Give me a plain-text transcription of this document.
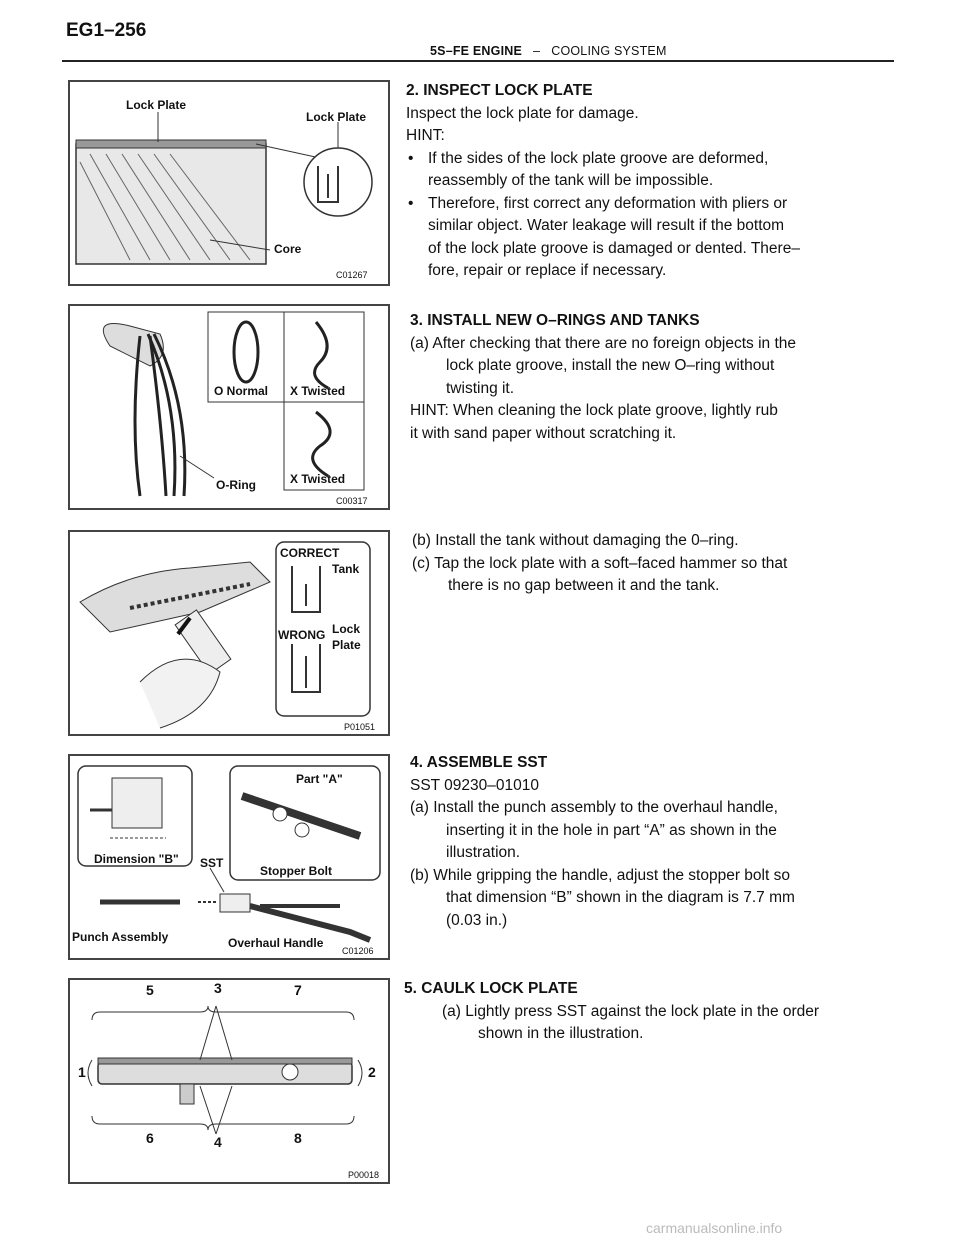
EG1–256
5S–FE ENGINE – COOLING SYSTEM
Lock Plate
Lock Plate
Core
C01267

2. INSPECT LOCK PLATE

Inspect the lock plate for damage.

HINT:

• If the sides of the lock plate groove are deformed,

reassembly of the tank will be impossible.

• Therefore, first correct any deformation with pliers or

similar object. Water leakage will result if the bottom

of the lock plate groove is damaged or dented. There–

fore, repair or replace if necessary.

O Normal X Twisted
X Twisted
O-Ring
C00317

3. INSTALL NEW O–RINGS AND TANKS

(a) After checking that there are no foreign objects in the

lock plate groove, install the new O–ring without

twisting it.

HINT: When cleaning the lock plate groove, lightly rub

it with sand paper without scratching it.

CORRECT
Tank
WRONG Lock
Plate
P01051

(b) Install the tank without damaging the 0–ring.

(c) Tap the lock plate with a soft–faced hammer so that

there is no gap between it and the tank.

Part "A"
Dimension "B" SST
Stopper Bolt
Punch Assembly	Overhaul Handle
C01206

4. ASSEMBLE SST

SST 09230–01010

(a) Install the punch assembly to the overhaul handle,

inserting it in the hole in part “A” as shown in the

illustration.

(b) While gripping the handle, adjust the stopper bolt so

that dimension “B” shown in the diagram is 7.7 mm

(0.03 in.)

5	3	7
1	2
6	4	8
P00018

5. CAULK LOCK PLATE

(a) Lightly press SST against the lock plate in the order

shown in the illustration.

carmanualsonline.info
